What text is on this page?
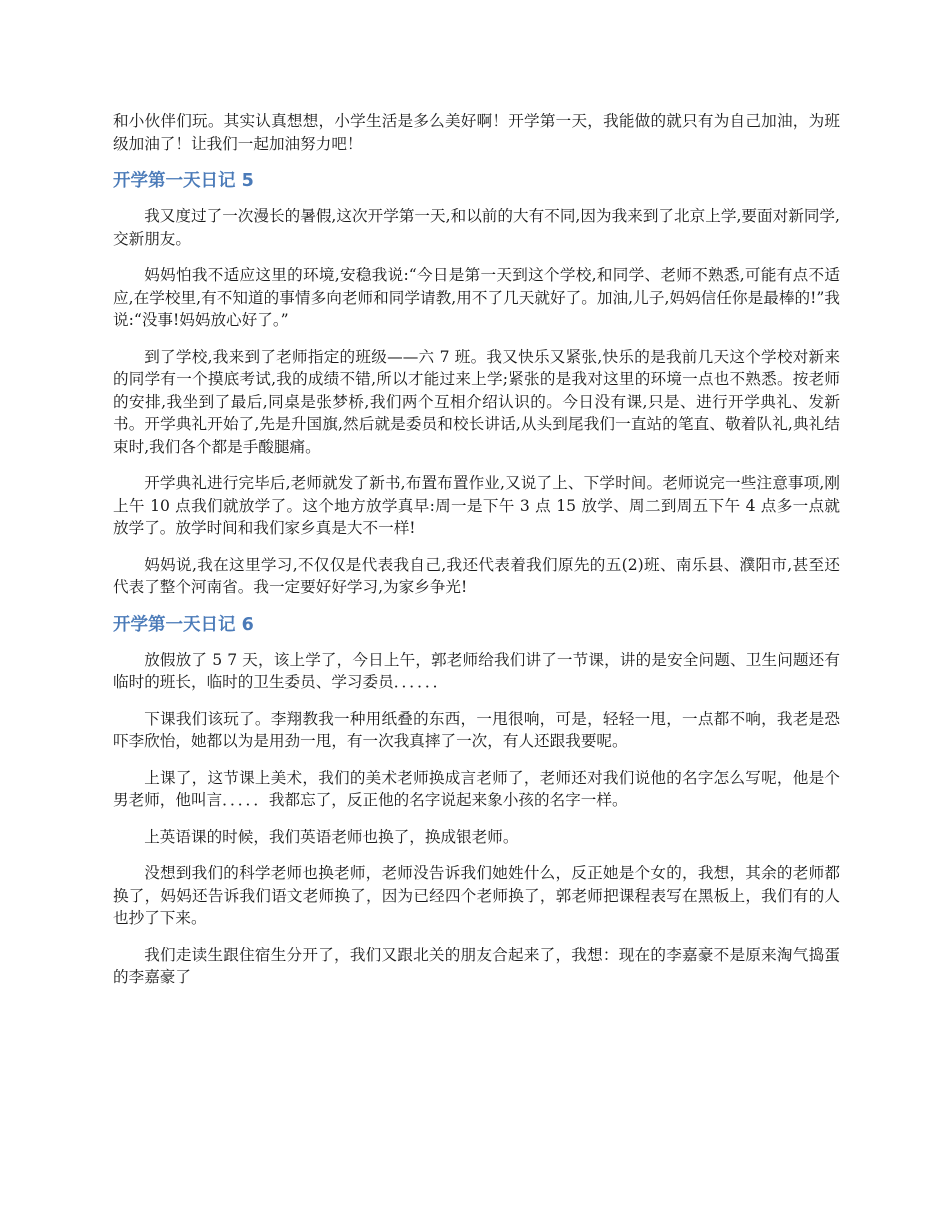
和小伙伴们玩。其实认真想想，小学生活是多么美好啊！开学第一天，我能做的就只有为自己加油，为班级加油了！让我们一起加油努力吧！

开学第一天日记 5

我又度过了一次漫长的暑假,这次开学第一天,和以前的大有不同,因为我来到了北京上学,要面对新同学,交新朋友。

妈妈怕我不适应这里的环境,安稳我说:“今日是第一天到这个学校,和同学、老师不熟悉,可能有点不适应,在学校里,有不知道的事情多向老师和同学请教,用不了几天就好了。加油,儿子,妈妈信任你是最棒的!”我说:“没事!妈妈放心好了。”

到了学校,我来到了老师指定的班级——六 7 班。我又快乐又紧张,快乐的是我前几天这个学校对新来的同学有一个摸底考试,我的成绩不错,所以才能过来上学;紧张的是我对这里的环境一点也不熟悉。按老师的安排,我坐到了最后,同桌是张梦桥,我们两个互相介绍认识的。今日没有课,只是、进行开学典礼、发新书。开学典礼开始了,先是升国旗,然后就是委员和校长讲话,从头到尾我们一直站的笔直、敬着队礼,典礼结束时,我们各个都是手酸腿痛。

开学典礼进行完毕后,老师就发了新书,布置布置作业,又说了上、下学时间。老师说完一些注意事项,刚上午 10 点我们就放学了。这个地方放学真早:周一是下午 3 点 15 放学、周二到周五下午 4 点多一点就放学了。放学时间和我们家乡真是大不一样!

妈妈说,我在这里学习,不仅仅是代表我自己,我还代表着我们原先的五(2)班、南乐县、濮阳市,甚至还代表了整个河南省。我一定要好好学习,为家乡争光!

开学第一天日记 6

放假放了 5 7 天，该上学了，今日上午，郭老师给我们讲了一节课，讲的是安全问题、卫生问题还有临时的班长，临时的卫生委员、学习委员．．．．．．

下课我们该玩了。李翔教我一种用纸叠的东西，一甩很响，可是，轻轻一甩，一点都不响，我老是恐吓李欣怡，她都以为是用劲一甩，有一次我真摔了一次，有人还跟我要呢。

上课了，这节课上美术，我们的美术老师换成言老师了，老师还对我们说他的名字怎么写呢，他是个男老师，他叫言．．．．．我都忘了，反正他的名字说起来象小孩的名字一样。

上英语课的时候，我们英语老师也换了，换成银老师。

没想到我们的科学老师也换老师，老师没告诉我们她姓什么，反正她是个女的，我想，其余的老师都换了，妈妈还告诉我们语文老师换了，因为已经四个老师换了，郭老师把课程表写在黑板上，我们有的人也抄了下来。

我们走读生跟住宿生分开了，我们又跟北关的朋友合起来了，我想：现在的李嘉豪不是原来淘气捣蛋的李嘉豪了
